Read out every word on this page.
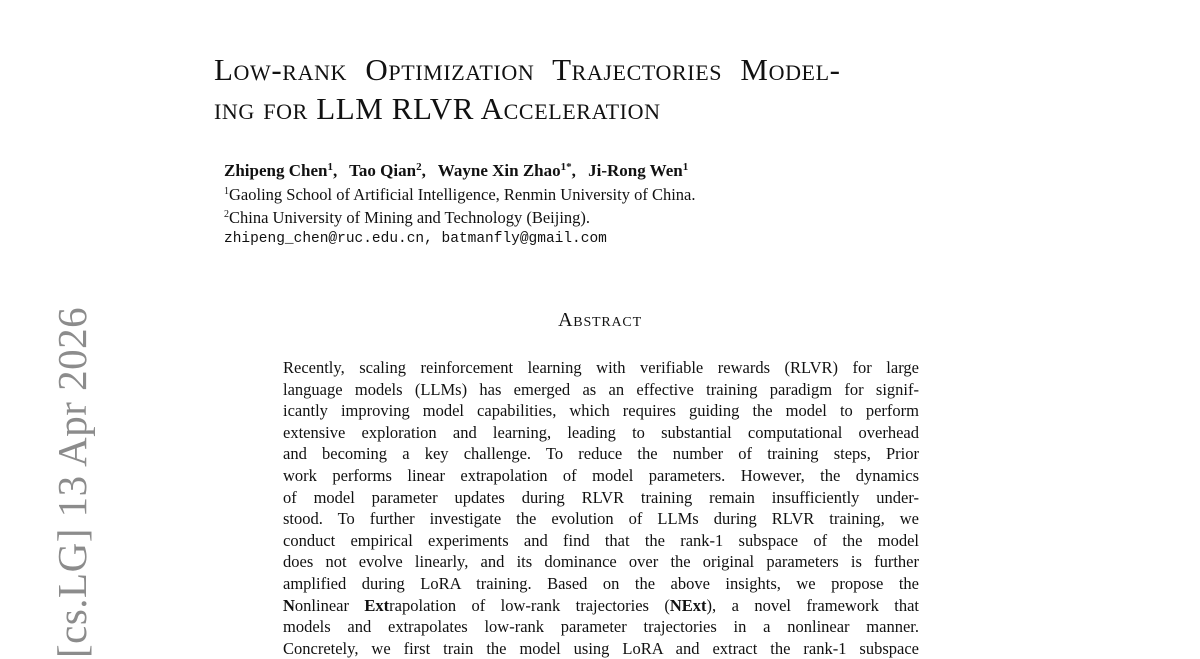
[cs.LG] 13 Apr 2026
Low-rank Optimization Trajectories Model-
ing for LLM RLVR Acceleration
Zhipeng Chen$^1$, Tao Qian$^2$, Wayne Xin Zhao$^{1*}$, Ji-Rong Wen$^1$
$^1$Gaoling School of Artificial Intelligence, Renmin University of China.
$^2$China University of Mining and Technology (Beijing).
zhipeng_chen@ruc.edu.cn, batmanfly@gmail.com
Abstract
Recently, scaling reinforcement learning with verifiable rewards (RLVR) for large
language models (LLMs) has emerged as an effective training paradigm for signif-
icantly improving model capabilities, which requires guiding the model to perform
extensive exploration and learning, leading to substantial computational overhead
and becoming a key challenge. To reduce the number of training steps, Prior
work performs linear extrapolation of model parameters. However, the dynamics
of model parameter updates during RLVR training remain insufficiently under-
stood. To further investigate the evolution of LLMs during RLVR training, we
conduct empirical experiments and find that the rank-1 subspace of the model
does not evolve linearly, and its dominance over the original parameters is further
amplified during LoRA training. Based on the above insights, we propose the
Nonlinear Extrapolation of low-rank trajectories (NExt), a novel framework that
models and extrapolates low-rank parameter trajectories in a nonlinear manner.
Concretely, we first train the model using LoRA and extract the rank-1 subspace
